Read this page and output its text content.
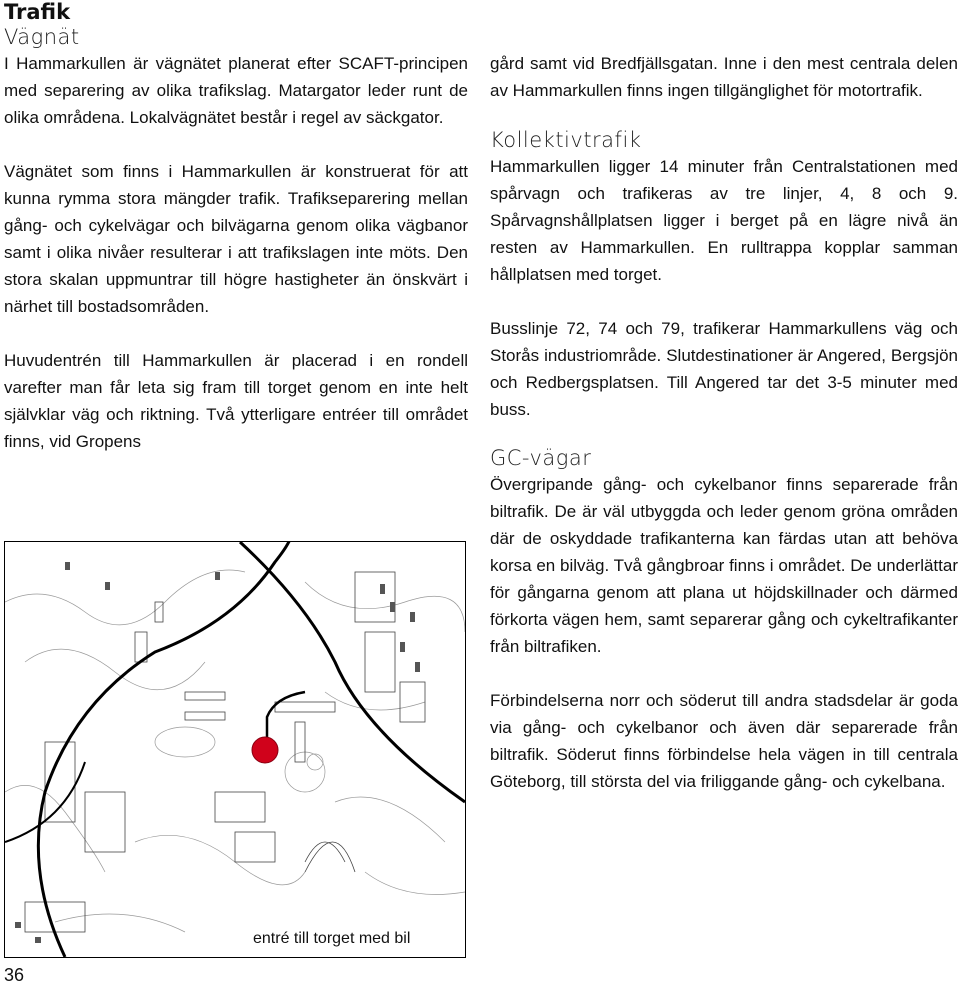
Trafik
Vägnät

I Hammarkullen är vägnätet planerat efter SCAFT-principen med separering av olika trafikslag. Matargator leder runt de olika områdena. Lokalvägnätet består i regel av säckgator.

Vägnätet som finns i Hammarkullen är konstruerat för att kunna rymma stora mängder trafik. Trafikseparering mellan gång- och cykelvägar och bilvägarna genom olika vägbanor samt i olika nivåer resulterar i att trafikslagen inte möts. Den stora skalan uppmuntrar till högre hastigheter än önskvärt i närhet till bostadsområden.

Huvudentrén till Hammarkullen är placerad i en rondell varefter man får leta sig fram till torget genom en inte helt självklar väg och riktning. Två ytterligare entréer till området finns, vid Gropens

entré till torget med bil
36

gård samt vid Bredfjällsgatan. Inne i den mest centrala delen av Hammarkullen finns ingen tillgänglighet för motortrafik.

Kollektivtrafik

Hammarkullen ligger 14 minuter från Centralstationen med spårvagn och trafikeras av tre linjer, 4, 8 och 9. Spårvagnshållplatsen ligger i berget på en lägre nivå än resten av Hammarkullen. En rulltrappa kopplar samman hållplatsen med torget.

Busslinje 72, 74 och 79, trafikerar Hammarkullens väg och Storås industriområde. Slutdestinationer är Angered, Bergsjön och Redbergsplatsen. Till Angered tar det 3-5 minuter med buss.

GC-vägar

Övergripande gång- och cykelbanor finns separerade från biltrafik. De är väl utbyggda och leder genom gröna områden där de oskyddade trafikanterna kan färdas utan att behöva korsa en bilväg. Två gångbroar finns i området. De underlättar för gångarna genom att plana ut höjdskillnader och därmed förkorta vägen hem, samt separerar gång och cykeltrafikanter från biltrafiken.

Förbindelserna norr och söderut till andra stadsdelar är goda via gång- och cykelbanor och även där separerade från biltrafik. Söderut finns förbindelse hela vägen in till centrala Göteborg, till största del via friliggande gång- och cykelbana.
